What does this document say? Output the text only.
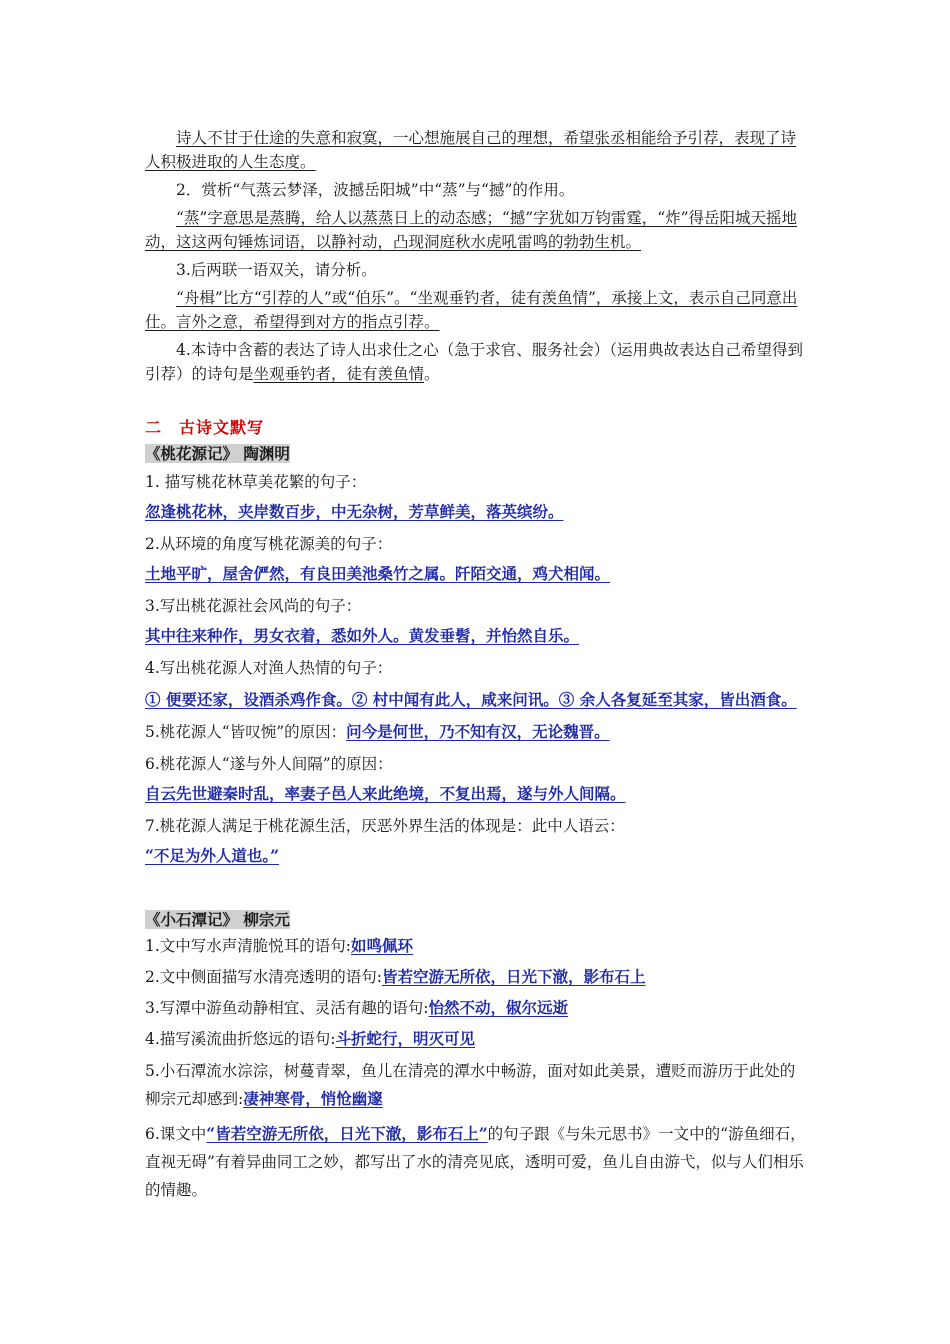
诗人不甘于仕途的失意和寂寞，一心想施展自己的理想，希望张丞相能给予引荐，表现了诗人积极进取的人生态度。

2．赏析“气蒸云梦泽，波撼岳阳城”中“蒸”与“撼”的作用。

“蒸”字意思是蒸腾，给人以蒸蒸日上的动态感；“撼”字犹如万钧雷霆，“炸”得岳阳城天摇地动，这这两句锤炼词语，以静衬动，凸现洞庭秋水虎吼雷鸣的勃勃生机。

3.后两联一语双关，请分析。

“舟楫”比方“引荐的人”或“伯乐”。“坐观垂钓者，徒有羡鱼情”，承接上文，表示自己同意出仕。言外之意，希望得到对方的指点引荐。

4.本诗中含蓄的表达了诗人出求仕之心（急于求官、服务社会）（运用典故表达自己希望得到引荐）的诗句是坐观垂钓者，徒有羡鱼情。

二　古诗文默写

《桃花源记》 陶渊明

1. 描写桃花林草美花繁的句子：

忽逢桃花林，夹岸数百步，中无杂树，芳草鲜美，落英缤纷。

2.从环境的角度写桃花源美的句子：

土地平旷，屋舍俨然，有良田美池桑竹之属。阡陌交通，鸡犬相闻。

3.写出桃花源社会风尚的句子：

其中往来种作，男女衣着，悉如外人。黄发垂髫，并怡然自乐。

4.写出桃花源人对渔人热情的句子：

① 便要还家，设酒杀鸡作食。② 村中闻有此人，咸来问讯。③ 余人各复延至其家，皆出酒食。

5.桃花源人“皆叹惋”的原因：问今是何世，乃不知有汉，无论魏晋。

6.桃花源人“遂与外人间隔”的原因：

自云先世避秦时乱，率妻子邑人来此绝境，不复出焉，遂与外人间隔。

7.桃花源人满足于桃花源生活，厌恶外界生活的体现是：此中人语云：

“不足为外人道也。”

《小石潭记》 柳宗元

1.文中写水声清脆悦耳的语句:如鸣佩环

2.文中侧面描写水清亮透明的语句:皆若空游无所依，日光下澈，影布石上

3.写潭中游鱼动静相宜、灵活有趣的语句:怡然不动，俶尔远逝

4.描写溪流曲折悠远的语句:斗折蛇行，明灭可见

5.小石潭流水淙淙，树蔓青翠，鱼儿在清亮的潭水中畅游，面对如此美景，遭贬而游历于此处的柳宗元却感到:凄神寒骨，悄怆幽邃

6.课文中“皆若空游无所依，日光下澈，影布石上”的句子跟《与朱元思书》一文中的“游鱼细石，直视无碍”有着异曲同工之妙，都写出了水的清亮见底，透明可爱，鱼儿自由游弋，似与人们相乐的情趣。
